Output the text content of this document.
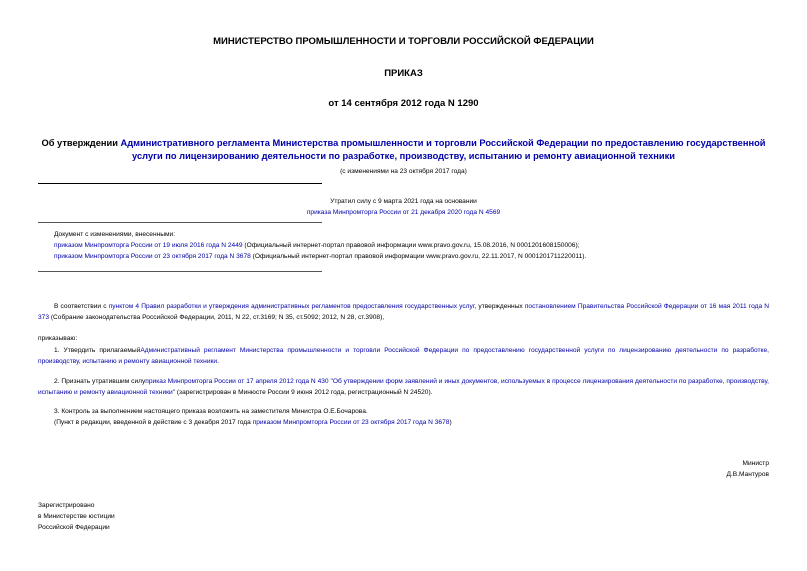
МИНИСТЕРСТВО ПРОМЫШЛЕННОСТИ И ТОРГОВЛИ РОССИЙСКОЙ ФЕДЕРАЦИИ
ПРИКАЗ
от 14 сентября 2012 года N 1290
Об утверждении Административного регламента Министерства промышленности и торговли Российской Федерации по предоставлению государственной услуги по лицензированию деятельности по разработке, производству, испытанию и ремонту авиационной техники
(с изменениями на 23 октября 2017 года)
Утратил силу с 9 марта 2021 года на основании
приказа Минпромторга России от 21 декабря 2020 года N 4569
Документ с изменениями, внесенными:
приказом Минпромторга России от 19 июля 2016 года N 2449 (Официальный интернет-портал правовой информации www.pravo.gov.ru, 15.08.2016, N 0001201608150006);
приказом Минпромторга России от 23 октября 2017 года N 3678 (Официальный интернет-портал правовой информации www.pravo.gov.ru, 22.11.2017, N 0001201711220011).
В соответствии с пунктом 4 Правил разработки и утверждения административных регламентов предоставления государственных услуг, утвержденных постановлением Правительства Российской Федерации от 16 мая 2011 года N 373 (Собрание законодательства Российской Федерации, 2011, N 22, ст.3169; N 35, ст.5092; 2012, N 28, ст.3908),
приказываю:
1. Утвердить прилагаемыйАдминистративный регламент Министерства промышленности и торговли Российской Федерации по предоставлению государственной услуги по лицензированию деятельности по разработке, производству, испытанию и ремонту авиационной техники.
2. Признать утратившим силуприказ Минпромторга России от 17 апреля 2012 года N 430 "Об утверждении форм заявлений и иных документов, используемых в процессе лицензирования деятельности по разработке, производству, испытанию и ремонту авиационной техники" (зарегистрирован в Минюсте России 9 июня 2012 года, регистрационный N 24520).
3. Контроль за выполнением настоящего приказа возложить на заместителя Министра О.Е.Бочарова.
(Пункт в редакции, введенной в действие с 3 декабря 2017 года приказом Минпромторга России от 23 октября 2017 года N 3678)
Министр
Д.В.Мантуров
Зарегистрировано
в Министерстве юстиции
Российской Федерации
